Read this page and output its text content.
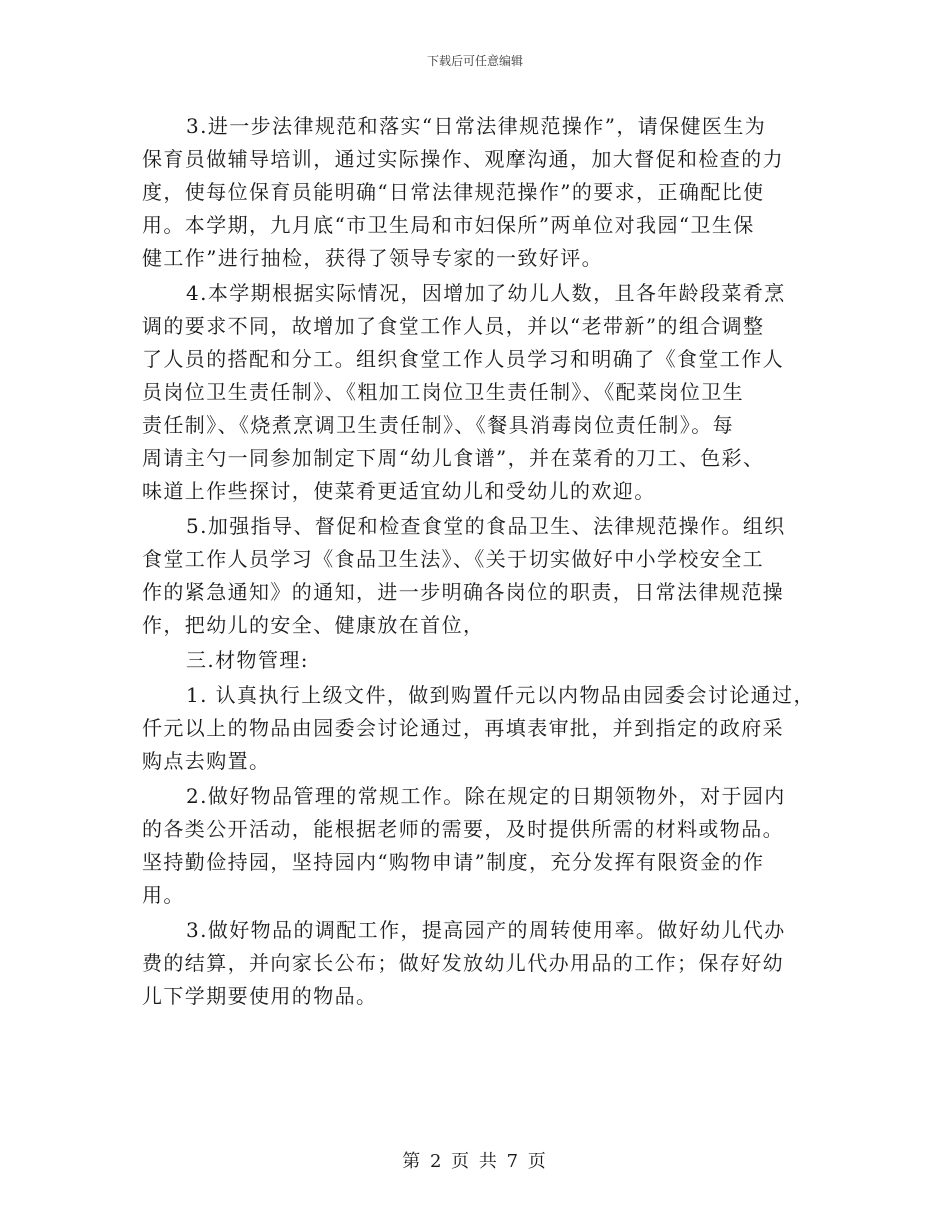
下载后可任意编辑

3.进一步法律规范和落实“日常法律规范操作”，请保健医生为
保育员做辅导培训，通过实际操作、观摩沟通，加大督促和检查的力
度，使每位保育员能明确“日常法律规范操作”的要求，正确配比使
用。本学期，九月底“市卫生局和市妇保所”两单位对我园“卫生保
健工作”进行抽检，获得了领导专家的一致好评。

4.本学期根据实际情况，因增加了幼儿人数，且各年龄段菜肴烹
调的要求不同，故增加了食堂工作人员，并以“老带新”的组合调整
了人员的搭配和分工。组织食堂工作人员学习和明确了《食堂工作人
员岗位卫生责任制》、《粗加工岗位卫生责任制》、《配菜岗位卫生
责任制》、《烧煮烹调卫生责任制》、《餐具消毒岗位责任制》。每
周请主勺一同参加制定下周“幼儿食谱”，并在菜肴的刀工、色彩、
味道上作些探讨，使菜肴更适宜幼儿和受幼儿的欢迎。

5.加强指导、督促和检查食堂的食品卫生、法律规范操作。组织
食堂工作人员学习《食品卫生法》、《关于切实做好中小学校安全工
作的紧急通知》的通知，进一步明确各岗位的职责，日常法律规范操
作，把幼儿的安全、健康放在首位，

三.材物管理:

1. 认真执行上级文件，做到购置仟元以内物品由园委会讨论通过，
仟元以上的物品由园委会讨论通过，再填表审批，并到指定的政府采
购点去购置。

2.做好物品管理的常规工作。除在规定的日期领物外，对于园内
的各类公开活动，能根据老师的需要，及时提供所需的材料或物品。
坚持勤俭持园，坚持园内“购物申请”制度，充分发挥有限资金的作
用。

3.做好物品的调配工作，提高园产的周转使用率。做好幼儿代办
费的结算，并向家长公布；做好发放幼儿代办用品的工作；保存好幼
儿下学期要使用的物品。

第 2 页 共 7 页
